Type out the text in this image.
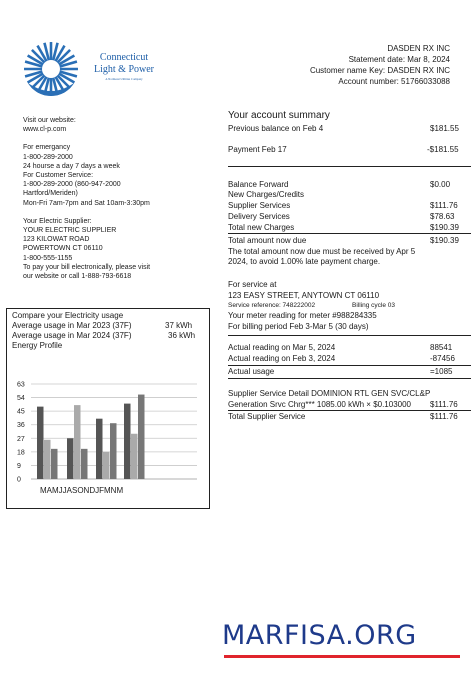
Connecticut
Light & Power
A Northeast Utilities Company
DASDEN RX INC
Statement date: Mar 8, 2024
Customer name Key: DASDEN RX INC
Account number: 51766033088
Visit our website:
www.cl-p.com
For emergancy
1-800-289-2000
24 hourse a day 7 days a week
For Customer Service:
1-800-289-2000 (860-947-2000
Hartford/Meriden)
Mon-Fri 7am-7pm and Sat 10am-3:30pm
Your Electric Supplier:
YOUR ELECTRIC SUPPLIER
123 KILOWAT ROAD
POWERTOWN CT 06110
1-800-555-1155
To pay your bill electronically, please visit
our website or call 1-888-793-6618
Compare your Electricity usage
Average usage in Mar 2023 (37F)	37 kWh
Average usage in Mar 2024 (37F)	36 kWh
Energy Profile
63
54
45
36
27
18
9
0
MAMJJASONDJFMNM
Your account summary
Previous balance on Feb 4	$181.55
Payment Feb 17	-$181.55
Balance Forward	$0.00
New Charges/Credits
Supplier Services	$111.76
Delivery Services	$78.63
Total new Charges	$190.39
Total amount now due	$190.39
The total amount now due must be received by Apr 5
2024, to avoid 1.00% late payment charge.
For service at
123 EASY STREET, ANYTOWN CT 06110
Service reference: 748222002	Billing cycle 03
Your meter reading for meter #988284335
For billing period Feb 3-Mar 5 (30 days)
Actual reading on Mar 5, 2024	88541
Actual reading on Feb 3, 2024	-87456
Actual usage	=1085
Supplier Service Detail DOMINION RTL GEN SVC/CL&P
Generation Srvc Chrg*** 1085.00 kWh × $0.103000 $111.76
Total Supplier Service	$111.76
MARFISA.ORG
